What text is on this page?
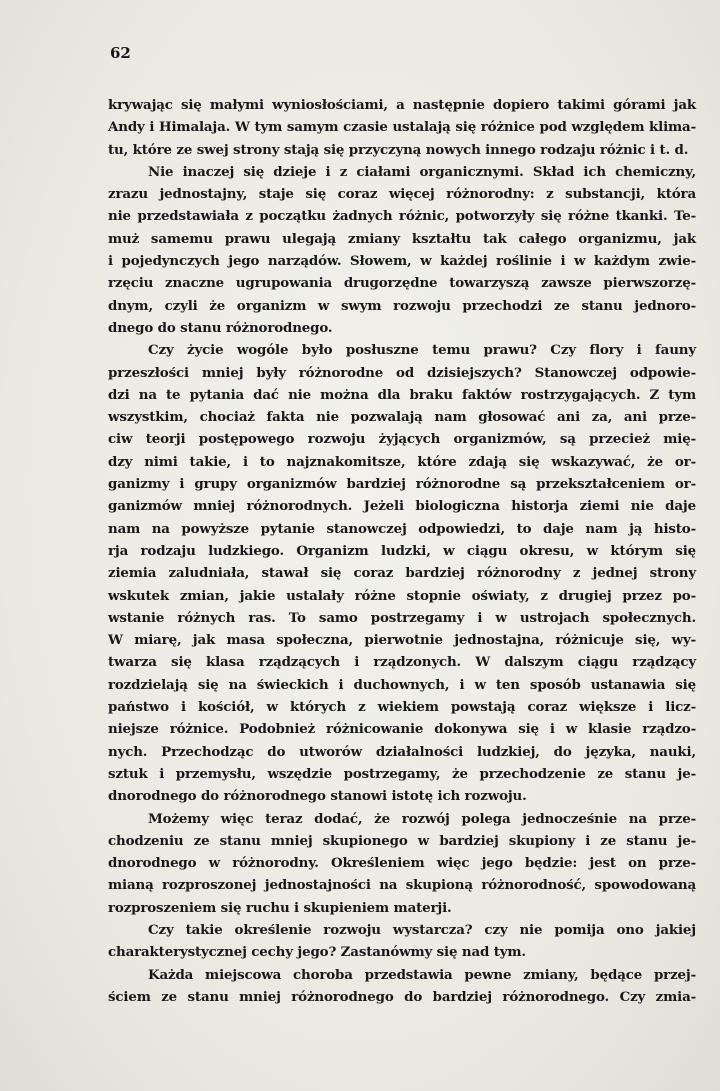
62
krywając się małymi wyniosłościami, a następnie dopiero takimi górami jak
Andy i Himalaja. W tym samym czasie ustalają się różnice pod względem klima-
tu, które ze swej strony stają się przyczyną nowych innego rodzaju różnic i t. d.
Nie inaczej się dzieje i z ciałami organicznymi. Skład ich chemiczny,
zrazu jednostajny, staje się coraz więcej różnorodny: z substancji, która
nie przedstawiała z początku żadnych różnic, potworzyły się różne tkanki. Te-
muż samemu prawu ulegają zmiany kształtu tak całego organizmu, jak
i pojedynczych jego narządów. Słowem, w każdej roślinie i w każdym zwie-
rzęciu znaczne ugrupowania drugorzędne towarzyszą zawsze pierwszorzę-
dnym, czyli że organizm w swym rozwoju przechodzi ze stanu jednoro-
dnego do stanu różnorodnego.
Czy życie wogóle było posłuszne temu prawu? Czy flory i fauny
przeszłości mniej były różnorodne od dzisiejszych? Stanowczej odpowie-
dzi na te pytania dać nie można dla braku faktów rostrzygających. Z tym
wszystkim, chociaż fakta nie pozwalają nam głosować ani za, ani prze-
ciw teorji postępowego rozwoju żyjących organizmów, są przecież mię-
dzy nimi takie, i to najznakomitsze, które zdają się wskazywać, że or-
ganizmy i grupy organizmów bardziej różnorodne są przekształceniem or-
ganizmów mniej różnorodnych. Jeżeli biologiczna historja ziemi nie daje
nam na powyższe pytanie stanowczej odpowiedzi, to daje nam ją histo-
rja rodzaju ludzkiego. Organizm ludzki, w ciągu okresu, w którym się
ziemia zaludniała, stawał się coraz bardziej różnorodny z jednej strony
wskutek zmian, jakie ustalały różne stopnie oświaty, z drugiej przez po-
wstanie różnych ras. To samo postrzegamy i w ustrojach społecznych.
W miarę, jak masa społeczna, pierwotnie jednostajna, różnicuje się, wy-
twarza się klasa rządzących i rządzonych. W dalszym ciągu rządzący
rozdzielają się na świeckich i duchownych, i w ten sposób ustanawia się
państwo i kościół, w których z wiekiem powstają coraz większe i licz-
niejsze różnice. Podobnież różnicowanie dokonywa się i w klasie rządzo-
nych. Przechodząc do utworów działalności ludzkiej, do języka, nauki,
sztuk i przemysłu, wszędzie postrzegamy, że przechodzenie ze stanu je-
dnorodnego do różnorodnego stanowi istotę ich rozwoju.
Możemy więc teraz dodać, że rozwój polega jednocześnie na prze-
chodzeniu ze stanu mniej skupionego w bardziej skupiony i ze stanu je-
dnorodnego w różnorodny. Określeniem więc jego będzie: jest on prze-
mianą rozproszonej jednostajności na skupioną różnorodność, spowodowaną
rozproszeniem się ruchu i skupieniem materji.
Czy takie określenie rozwoju wystarcza? czy nie pomija ono jakiej
charakterystycznej cechy jego? Zastanówmy się nad tym.
Każda miejscowa choroba przedstawia pewne zmiany, będące przej-
ściem ze stanu mniej różnorodnego do bardziej różnorodnego. Czy zmia-
